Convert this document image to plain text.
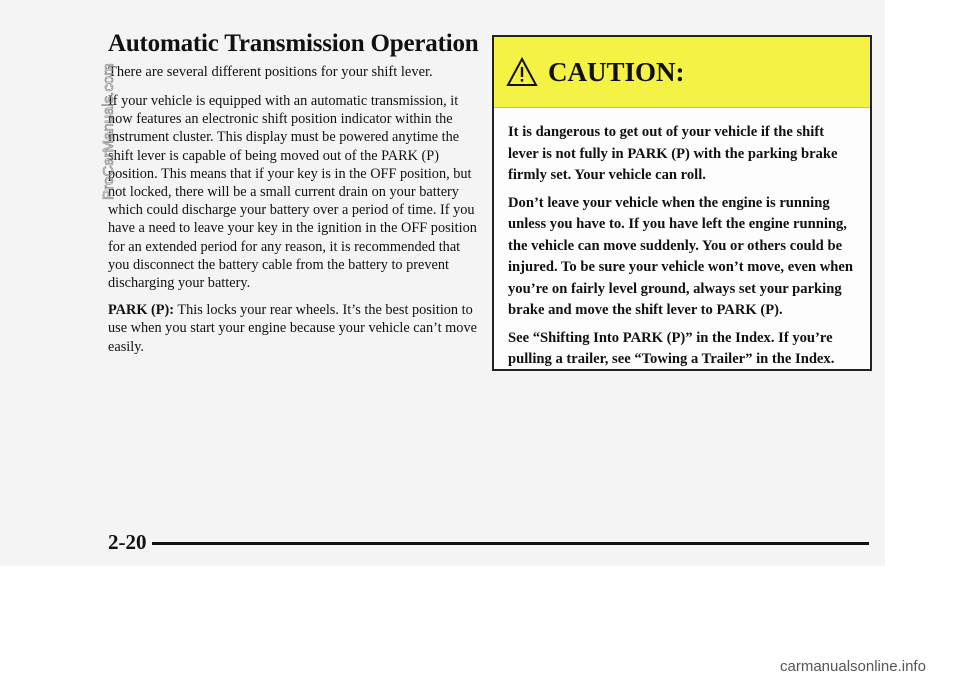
Automatic Transmission Operation
There are several different positions for your shift lever.

If your vehicle is equipped with an automatic transmission, it now features an electronic shift position indicator within the instrument cluster. This display must be powered anytime the shift lever is capable of being moved out of the PARK (P) position. This means that if your key is in the OFF position, but not locked, there will be a small current drain on your battery which could discharge your battery over a period of time. If you have a need to leave your key in the ignition in the OFF position for an extended period for any reason, it is recommended that you disconnect the battery cable from the battery to prevent discharging your battery.

PARK (P): This locks your rear wheels. It’s the best position to use when you start your engine because your vehicle can’t move easily.

CAUTION:

It is dangerous to get out of your vehicle if the shift lever is not fully in PARK (P) with the parking brake firmly set. Your vehicle can roll.

Don’t leave your vehicle when the engine is running unless you have to. If you have left the engine running, the vehicle can move suddenly. You or others could be injured. To be sure your vehicle won’t move, even when you’re on fairly level ground, always set your parking brake and move the shift lever to PARK (P).

See “Shifting Into PARK (P)” in the Index. If you’re pulling a trailer, see “Towing a Trailer” in the Index.

2-20
ProCarManuals.com
carmanualsonline.info
